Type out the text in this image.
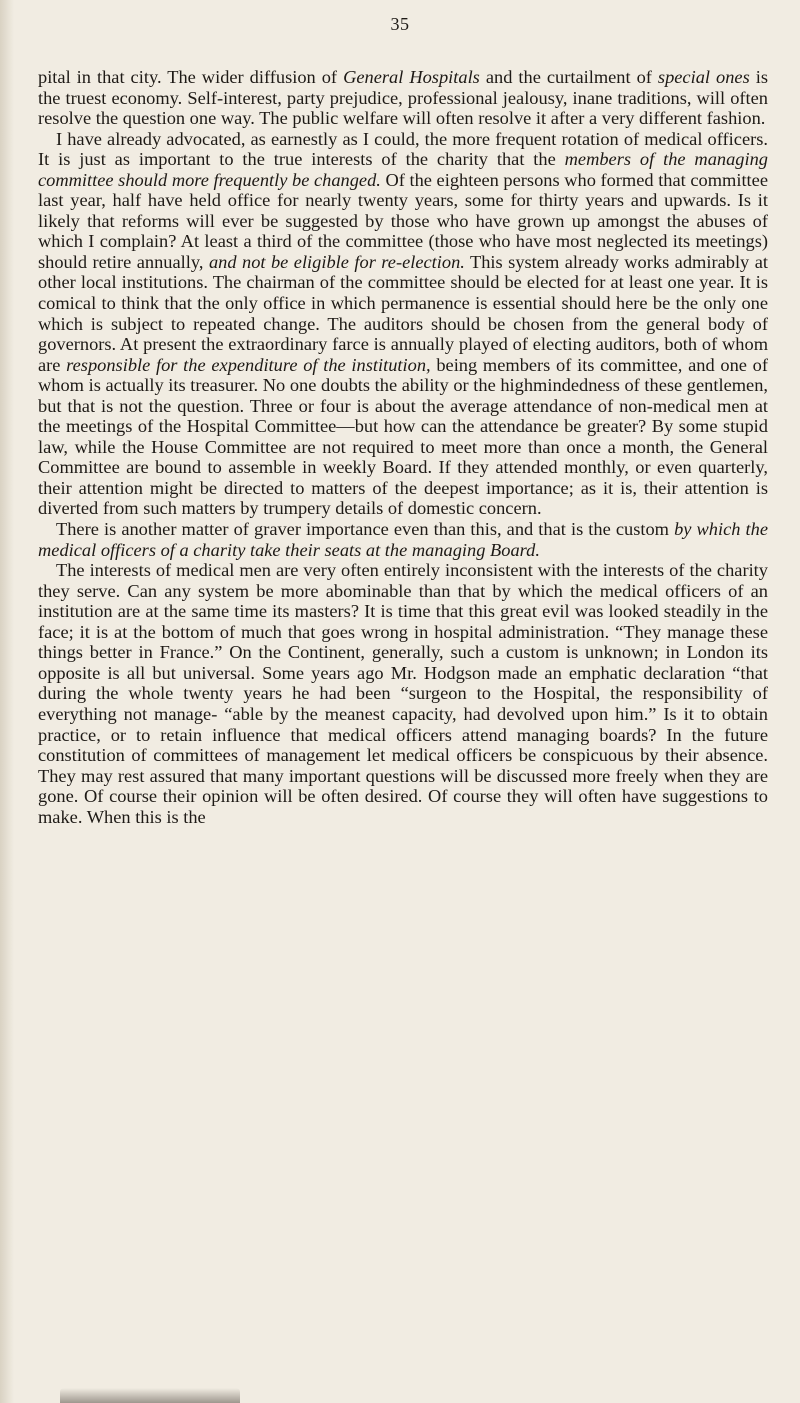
35

pital in that city. The wider diffusion of General Hospitals and the curtailment of special ones is the truest economy. Self-interest, party prejudice, professional jealousy, inane traditions, will often resolve the question one way. The public welfare will often resolve it after a very different fashion.

I have already advocated, as earnestly as I could, the more frequent rotation of medical officers. It is just as important to the true interests of the charity that the members of the managing committee should more frequently be changed. Of the eighteen persons who formed that committee last year, half have held office for nearly twenty years, some for thirty years and upwards. Is it likely that reforms will ever be suggested by those who have grown up amongst the abuses of which I complain? At least a third of the committee (those who have most neglected its meetings) should retire annually, and not be eligible for re-election. This system already works admirably at other local institutions. The chairman of the committee should be elected for at least one year. It is comical to think that the only office in which permanence is essential should here be the only one which is subject to repeated change. The auditors should be chosen from the general body of governors. At present the extraordinary farce is annually played of electing auditors, both of whom are responsible for the expenditure of the institution, being members of its committee, and one of whom is actually its treasurer. No one doubts the ability or the highmindedness of these gentlemen, but that is not the question. Three or four is about the average attendance of non-medical men at the meetings of the Hospital Committee—but how can the attendance be greater? By some stupid law, while the House Committee are not required to meet more than once a month, the General Committee are bound to assemble in weekly Board. If they attended monthly, or even quarterly, their attention might be directed to matters of the deepest importance; as it is, their attention is diverted from such matters by trumpery details of domestic concern.

There is another matter of graver importance even than this, and that is the custom by which the medical officers of a charity take their seats at the managing Board.

The interests of medical men are very often entirely inconsistent with the interests of the charity they serve. Can any system be more abominable than that by which the medical officers of an institution are at the same time its masters? It is time that this great evil was looked steadily in the face; it is at the bottom of much that goes wrong in hospital administration. “They manage these things better in France.” On the Continent, generally, such a custom is unknown; in London its opposite is all but universal. Some years ago Mr. Hodgson made an emphatic declaration “that during the whole twenty years he had been “surgeon to the Hospital, the responsibility of everything not manage- “able by the meanest capacity, had devolved upon him.” Is it to obtain practice, or to retain influence that medical officers attend managing boards? In the future constitution of committees of management let medical officers be conspicuous by their absence. They may rest assured that many important questions will be discussed more freely when they are gone. Of course their opinion will be often desired. Of course they will often have suggestions to make. When this is the
